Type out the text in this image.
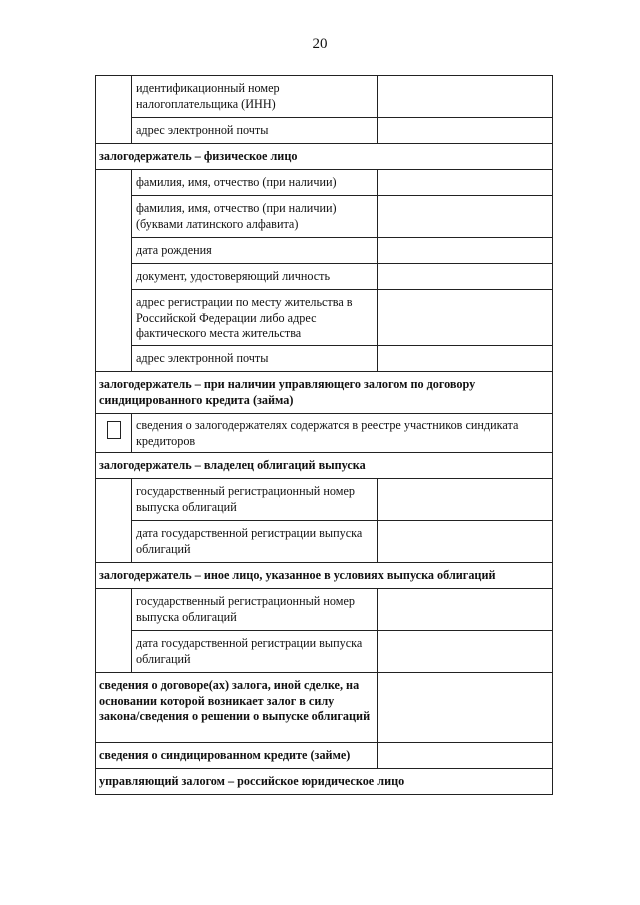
20
	идентификационный номер налогоплательщика (ИНН)	
	адрес электронной почты	
залогодержатель – физическое лицо		
	фамилия, имя, отчество (при наличии)	
	фамилия, имя, отчество (при наличии) (буквами латинского алфавита)	
	дата рождения	
	документ, удостоверяющий личность	
	адрес регистрации по месту жительства в Российской Федерации либо адрес фактического места жительства	
	адрес электронной почты	
залогодержатель – при наличии управляющего залогом по договору синдицированного кредита (займа)		
	сведения о залогодержателях содержатся в реестре участников синдиката кредиторов	
залогодержатель – владелец облигаций выпуска		
	государственный регистрационный номер выпуска облигаций	
	дата государственной регистрации выпуска облигаций	
залогодержатель – иное лицо, указанное в условиях выпуска облигаций		
	государственный регистрационный номер выпуска облигаций	
	дата государственной регистрации выпуска облигаций	
сведения о договоре(ах) залога, иной сделке, на основании которой возникает залог в силу закона/сведения о решении о выпуске облигаций		
сведения о синдицированном кредите (займе)		
управляющий залогом – российское юридическое лицо		
